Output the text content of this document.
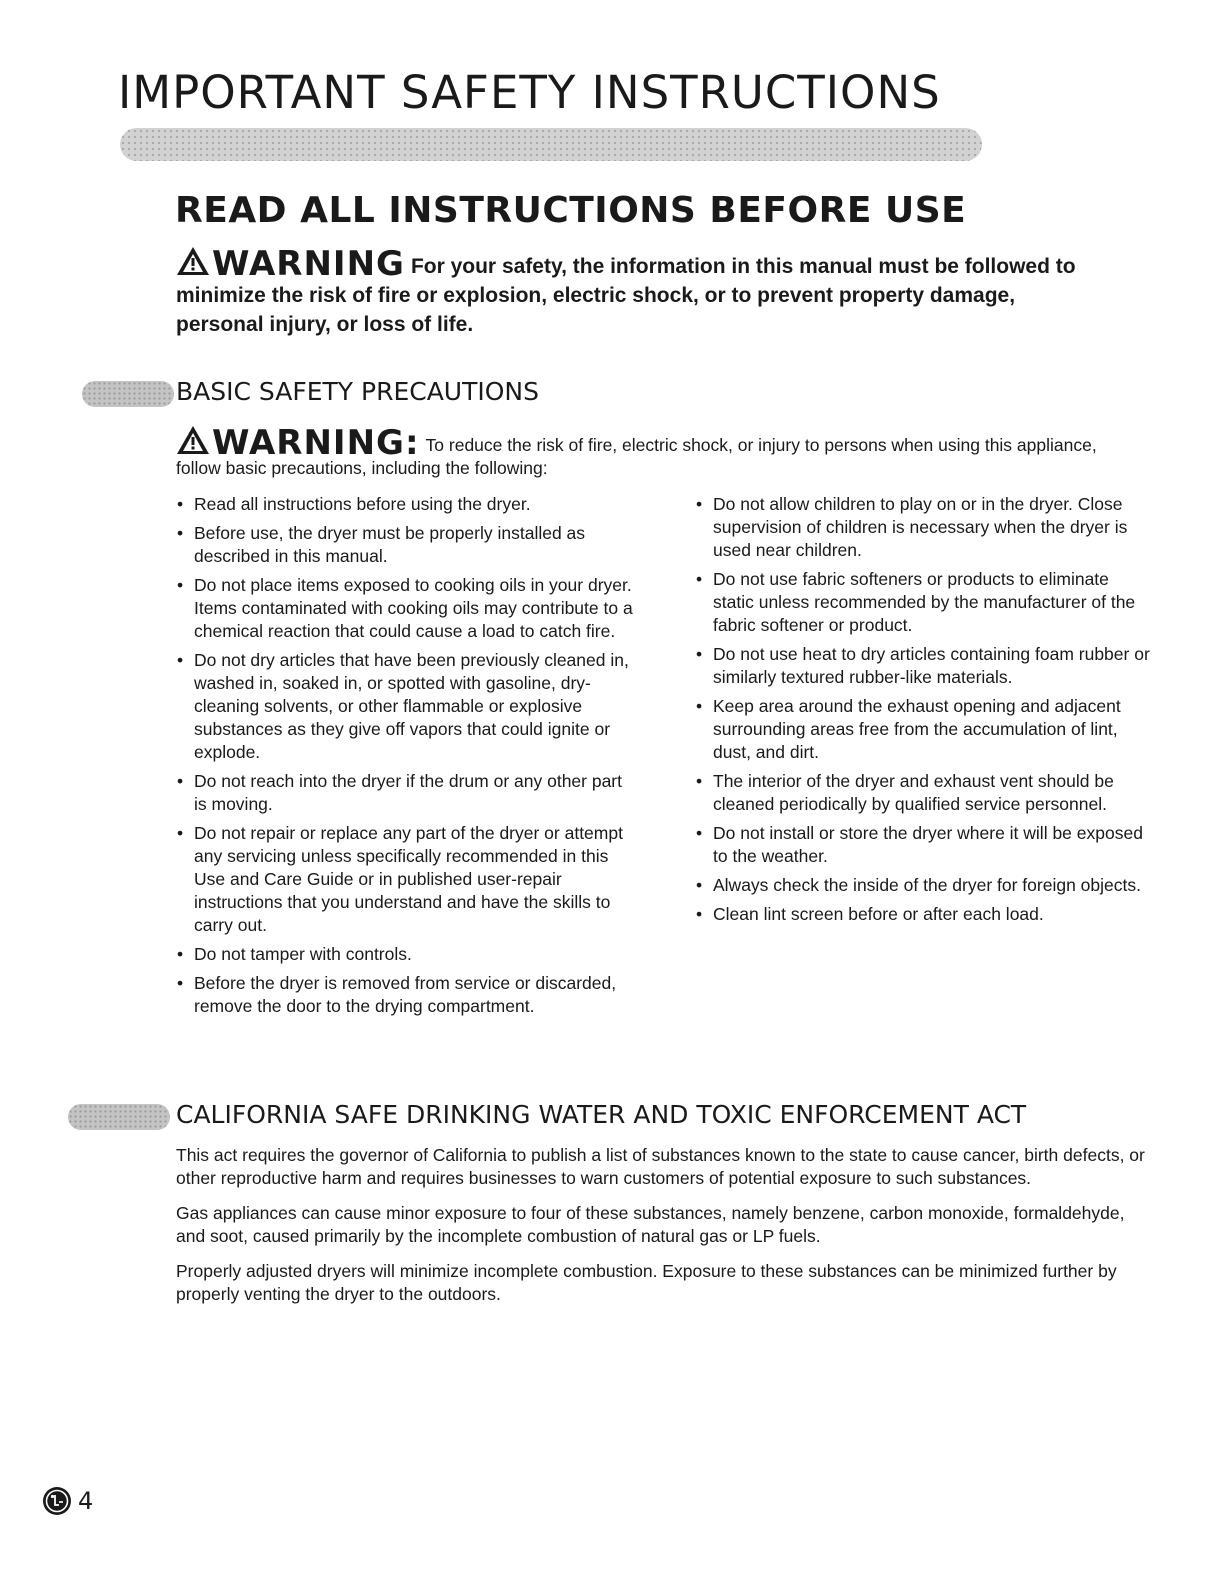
IMPORTANT SAFETY INSTRUCTIONS
READ ALL INSTRUCTIONS BEFORE USE
WARNING For your safety, the information in this manual must be followed to minimize the risk of fire or explosion, electric shock, or to prevent property damage, personal injury, or loss of life.
BASIC SAFETY PRECAUTIONS
WARNING: To reduce the risk of fire, electric shock, or injury to persons when using this appliance, follow basic precautions, including the following:
• Read all instructions before using the dryer.
• Before use, the dryer must be properly installed as described in this manual.
• Do not place items exposed to cooking oils in your dryer. Items contaminated with cooking oils may contribute to a chemical reaction that could cause a load to catch fire.
• Do not dry articles that have been previously cleaned in, washed in, soaked in, or spotted with gasoline, dry-cleaning solvents, or other flammable or explosive substances as they give off vapors that could ignite or explode.
• Do not reach into the dryer if the drum or any other part is moving.
• Do not repair or replace any part of the dryer or attempt any servicing unless specifically recommended in this Use and Care Guide or in published user-repair instructions that you understand and have the skills to carry out.
• Do not tamper with controls.
• Before the dryer is removed from service or discarded, remove the door to the drying compartment.
• Do not allow children to play on or in the dryer. Close supervision of children is necessary when the dryer is used near children.
• Do not use fabric softeners or products to eliminate static unless recommended by the manufacturer of the fabric softener or product.
• Do not use heat to dry articles containing foam rubber or similarly textured rubber-like materials.
• Keep area around the exhaust opening and adjacent surrounding areas free from the accumulation of lint, dust, and dirt.
• The interior of the dryer and exhaust vent should be cleaned periodically by qualified service personnel.
• Do not install or store the dryer where it will be exposed to the weather.
• Always check the inside of the dryer for foreign objects.
• Clean lint screen before or after each load.
CALIFORNIA SAFE DRINKING WATER AND TOXIC ENFORCEMENT ACT

This act requires the governor of California to publish a list of substances known to the state to cause cancer, birth defects, or other reproductive harm and requires businesses to warn customers of potential exposure to such substances.

Gas appliances can cause minor exposure to four of these substances, namely benzene, carbon monoxide, formaldehyde, and soot, caused primarily by the incomplete combustion of natural gas or LP fuels.

Properly adjusted dryers will minimize incomplete combustion. Exposure to these substances can be minimized further by properly venting the dryer to the outdoors.

4
